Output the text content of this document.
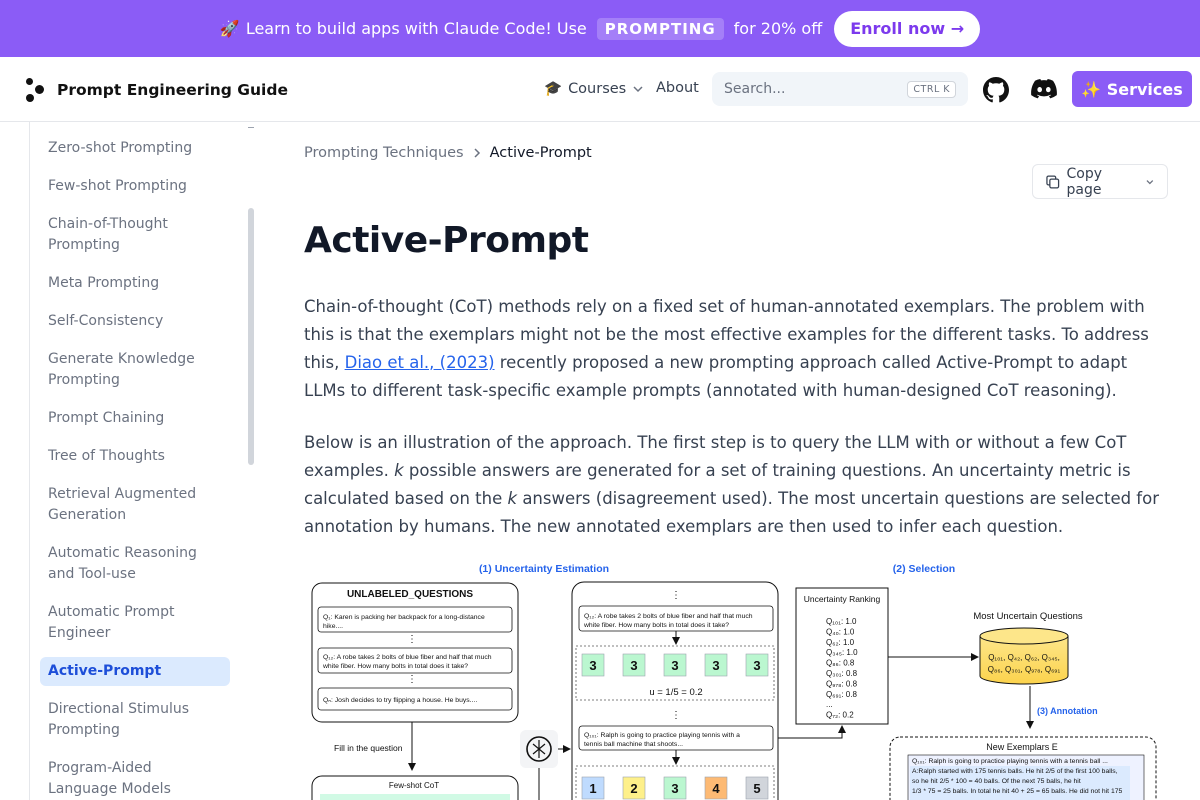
🚀 Learn to build apps with Claude Code! Use	PROMPTING	for 20% off	Enroll now →
Prompt Engineering Guide	🎓 Courses About Search...	CTRL K	✨ Services
Zero-shot Prompting
Few-shot Prompting
Chain-of-Thought Prompting
Meta Prompting
Self-Consistency
Generate Knowledge Prompting
Prompt Chaining
Tree of Thoughts
Retrieval Augmented Generation
Automatic Reasoning and Tool-use
Automatic Prompt Engineer
Active-Prompt
Directional Stimulus Prompting
Program-Aided Language Models
Prompting Techniques Active-Prompt
Copy page
Active-Prompt

Chain-of-thought (CoT) methods rely on a fixed set of human-annotated exemplars. The problem with this is that the exemplars might not be the most effective examples for the different tasks. To address this, Diao et al., (2023) recently proposed a new prompting approach called Active-Prompt to adapt LLMs to different task-specific example prompts (annotated with human-designed CoT reasoning).

Below is an illustration of the approach. The first step is to query the LLM with or without a few CoT examples. k possible answers are generated for a set of training questions. An uncertainty metric is calculated based on the k answers (disagreement used). The most uncertain questions are selected for annotation by humans. The new annotated exemplars are then used to infer each question.

(1) Uncertainty Estimation	(2) Selection
UNLABELED_QUESTIONS
Q₁: Karen is packing her backpack for a long-distance
hike....
⋮
Q₁₂: A robe takes 2 bolts of blue fiber and half that much
white fiber. How many bolts in total does it take?
⋮
Qₙ: Josh decides to try flipping a house. He buys....
Fill in the question
Few-shot CoT
⋮
Q₁₂: A robe takes 2 bolts of blue fiber and half that much
white fiber. How many bolts in total does it take?
3	3	3	3	3
u = 1/5 = 0.2
⋮
Q₁₀₁: Ralph is going to practice playing tennis with a
tennis ball machine that shoots...
1	2	3	4	5
Uncertainty Ranking
Q₁₀₁: 1.0
Q₄₀: 1.0
Q₆₂: 1.0
Q₃₄₅: 1.0
Q₈₆: 0.8
Q₃₀₁: 0.8
Q₉₇₈: 0.8
Q₆₉₁: 0.8
...
Q₇₂: 0.2
Most Uncertain Questions
Q₁₀₁, Q₄₂, Q₆₂, Q₃₄₅,
Q₈₆, Q₃₀₁, Q₉₇₈, Q₆₉₁
(3) Annotation
New Exemplars E
Q₁₀₁: Ralph is going to practice playing tennis with a tennis ball ...
A:Ralph started with 175 tennis balls. He hit 2/5 of the first 100 balls,
so he hit 2/5 * 100 = 40 balls. Of the next 75 balls, he hit
1/3 * 75 = 25 balls. In total he hit 40 + 25 = 65 balls. He did not hit 175
